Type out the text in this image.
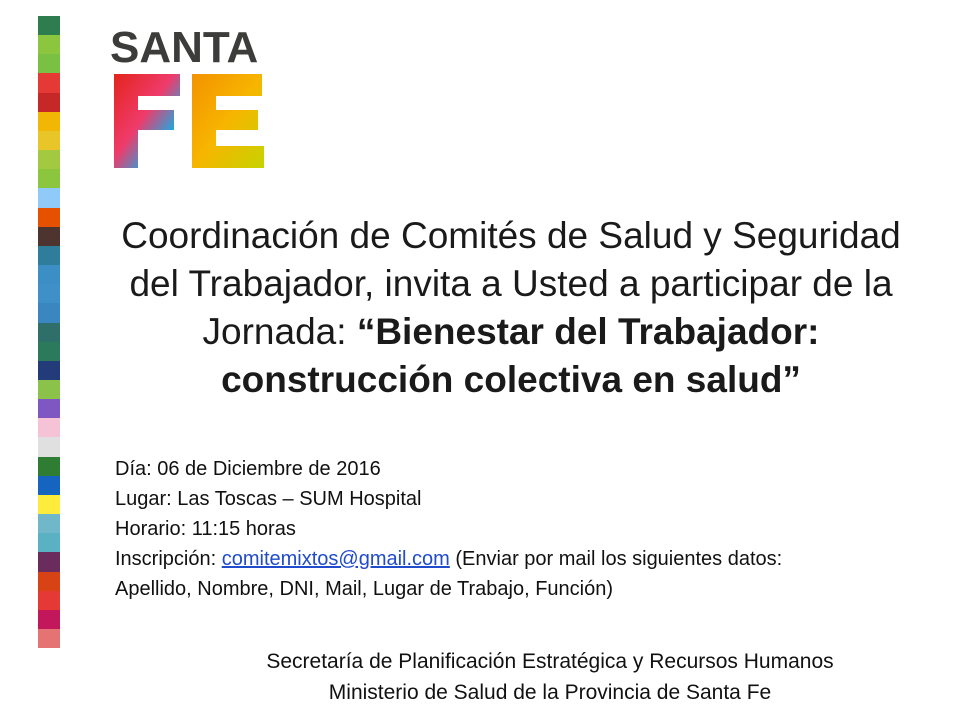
SANTA
Coordinación de Comités de Salud y Seguridad del Trabajador, invita a Usted a participar de la Jornada: “Bienestar del Trabajador: construcción colectiva en salud”
Día: 06 de Diciembre de 2016
Lugar: Las Toscas – SUM Hospital
Horario: 11:15 horas
Inscripción: comitemixtos@gmail.com (Enviar por mail los siguientes datos:
Apellido, Nombre, DNI, Mail, Lugar de Trabajo, Función)
Secretaría de Planificación Estratégica y Recursos Humanos
Ministerio de Salud de la Provincia de Santa Fe
